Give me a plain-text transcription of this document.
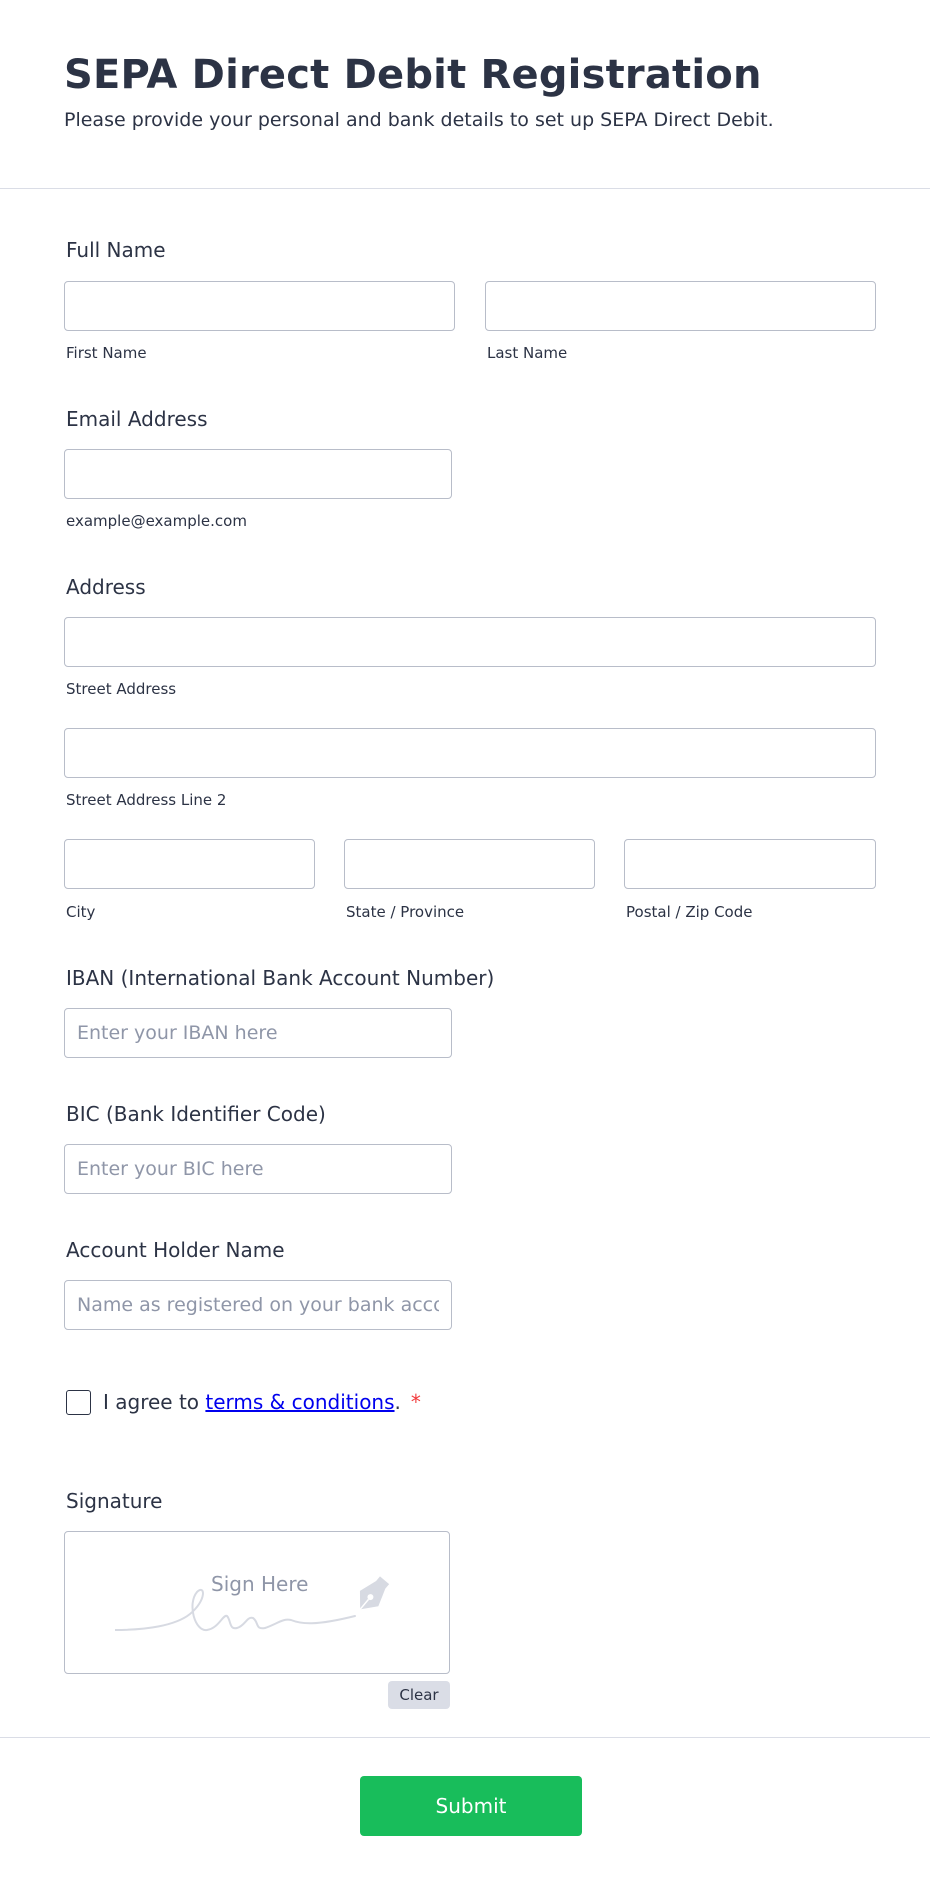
SEPA Direct Debit Registration
Please provide your personal and bank details to set up SEPA Direct Debit.
Full Name
First Name	Last Name
Email Address
example@example.com
Address
Street Address
Street Address Line 2
City	State / Province	Postal / Zip Code
IBAN (International Bank Account Number)
Enter your IBAN here
BIC (Bank Identifier Code)
Enter your BIC here
Account Holder Name
Name as registered on your bank account
I agree to terms & conditions. *
Signature
Sign Here
Clear
Submit
